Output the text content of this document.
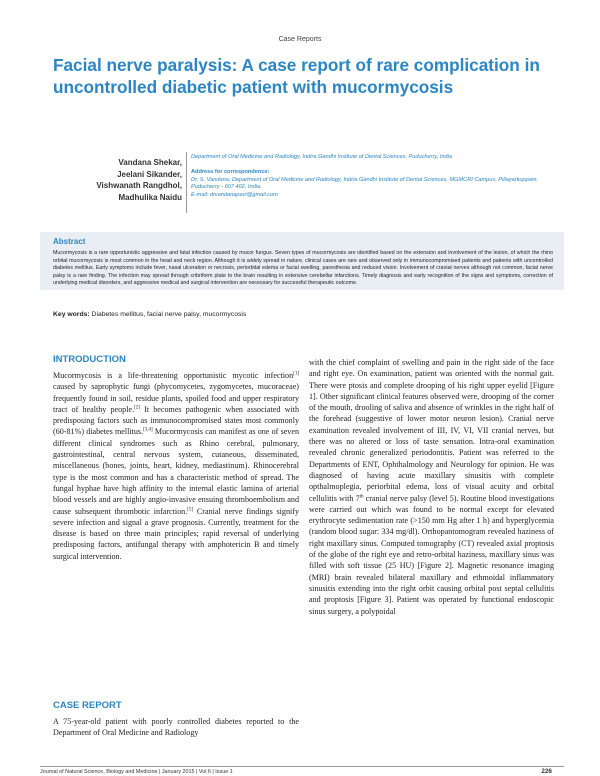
Case Reports
Facial nerve paralysis: A case report of rare complication in uncontrolled diabetic patient with mucormycosis
Vandana Shekar,
Jeelani Sikander,
Vishwanath Rangdhol,
Madhulika Naidu
Department of Oral Medicine and Radiology, Indira Gandhi Institute of Dental Sciences, Puducherry, India
Address for correspondence:
Dr. S. Vandana, Department of Oral Medicine and Radiology, Indira Gandhi Institute of Dental Sciences, MGMCRI Campus, Pillayarkuppam, Puducherry - 607 402, India.
E-mail: drvandanapavi@gmail.com
Abstract
Mucormycosis is a rare opportunistic aggressive and fatal infection caused by mucor fungus. Seven types of mucormycosis are identified based on the extension and involvement of the lesion, of which the rhino orbital mucormycosis is most common in the head and neck region. Although it is widely spread in nature, clinical cases are rare and observed only in immunocompromised patients and patients with uncontrolled diabetes mellitus. Early symptoms include fever, nasal ulceration or necrosis, periorbital edema or facial swelling, paresthesia and reduced vision. Involvement of cranial nerves although not common, facial nerve palsy is a rare finding. The infection may spread through cribriform plate to the brain resulting in extensive cerebellar infarctions. Timely diagnosis and early recognition of the signs and symptoms, correction of underlying medical disorders, and aggressive medical and surgical intervention are necessary for successful therapeutic outcome.
Key words: Diabetes mellitus, facial nerve palsy, mucormycosis
INTRODUCTION
Mucormycosis is a life-threatening opportunistic mycotic infection[1] caused by saprophytic fungi (phycomycetes, zygomycetes, mucoraceae) frequently found in soil, residue plants, spoiled food and upper respiratory tract of healthy people.[2] It becomes pathogenic when associated with predisposing factors such as immunocompromised states most commonly (60-81%) diabetes mellitus.[3,4] Mucormycosis can manifest as one of seven different clinical syndromes such as Rhino cerebral, pulmonary, gastrointestinal, central nervous system, cutaneous, disseminated, miscellaneous (bones, joints, heart, kidney, mediastinum). Rhinocerebral type is the most common and has a characteristic method of spread. The fungal hyphae have high affinity to the internal elastic lamina of arterial blood vessels and are highly angio-invasive ensuing thromboembolism and cause subsequent thrombotic infarction.[5] Cranial nerve findings signify severe infection and signal a grave prognosis. Currently, treatment for the disease is based on three main principles; rapid reversal of underlying predisposing factors, antifungal therapy with amphotericin B and timely surgical intervention.
CASE REPORT
A 75-year-old patient with poorly controlled diabetes reported to the Department of Oral Medicine and Radiology
with the chief complaint of swelling and pain in the right side of the face and right eye. On examination, patient was oriented with the normal gait. There were ptosis and complete drooping of his right upper eyelid [Figure 1]. Other significant clinical features observed were, drooping of the corner of the mouth, drooling of saliva and absence of wrinkles in the right half of the forehead (suggestive of lower motor neuron lesion). Cranial nerve examination revealed involvement of III, IV, VI, VII cranial nerves, but there was no altered or loss of taste sensation. Intra-oral examination revealed chronic generalized periodontitis. Patient was referred to the Departments of ENT, Ophthalmology and Neurology for opinion. He was diagnosed of having acute maxillary sinusitis with complete opthalmoplegia, periorbital edema, loss of visual acuity and orbital cellulitis with 7th cranial nerve palsy (level 5). Routine blood investigations were carried out which was found to be normal except for elevated erythrocyte sedimentation rate (>150 mm Hg after 1 h) and hyperglycemia (random blood sugar: 334 mg/dl). Orthopantomogram revealed haziness of right maxillary sinus. Computed tomography (CT) revealed axial proptosis of the globe of the right eye and retro-orbital haziness, maxillary sinus was filled with soft tissue (25 HU) [Figure 2]. Magnetic resonance imaging (MRI) brain revealed bilateral maxillary and ethmoidal inflammatory sinusitis extending into the right orbit causing orbital post septal cellulitis and proptosis [Figure 3]. Patient was operated by functional endoscopic sinus surgery, a polypoidal
Journal of Natural Science, Biology and Medicine | January 2015 | Vol 6 | Issue 1	226
